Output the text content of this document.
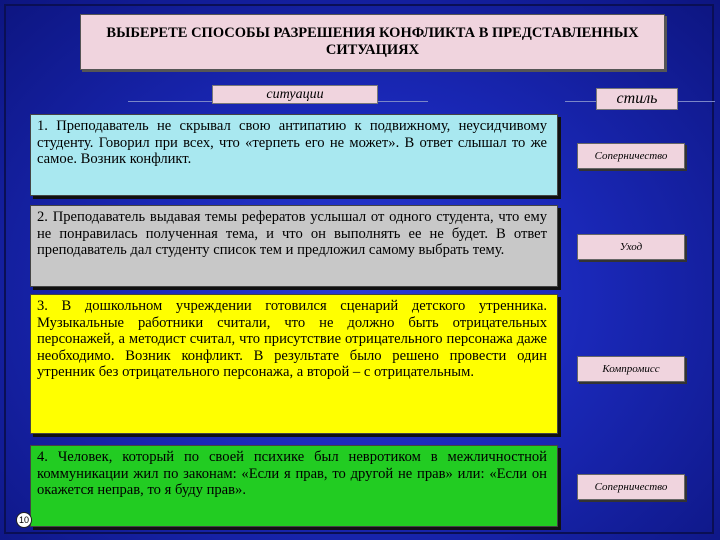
ВЫБЕРЕТЕ СПОСОБЫ РАЗРЕШЕНИЯ КОНФЛИКТА В ПРЕДСТАВЛЕННЫХ СИТУАЦИЯХ
ситуации	стиль
1. Преподаватель не скрывал свою антипатию к подвижному, неусидчивому студенту. Говорил при всех, что «терпеть его не может». В ответ слышал то же самое. Возник конфликт.
2. Преподаватель выдавая темы рефератов услышал от одного студента, что ему не понравилась полученная тема, и что он выполнять ее не будет. В ответ преподаватель дал студенту список тем и предложил самому выбрать тему.
3. В дошкольном учреждении готовился сценарий детского утренника. Музыкальные работники считали, что не должно быть отрицательных персонажей, а методист считал, что присутствие отрицательного персонажа даже необходимо. Возник конфликт. В результате было решено провести один утренник без отрицательного персонажа, а второй – с отрицательным.
4. Человек, который по своей психике был невротиком в межличностной коммуникации жил по законам: «Если я прав, то другой не прав» или: «Если он окажется неправ, то я буду прав».
Соперничество
Уход
Компромисс
Соперничество
10
